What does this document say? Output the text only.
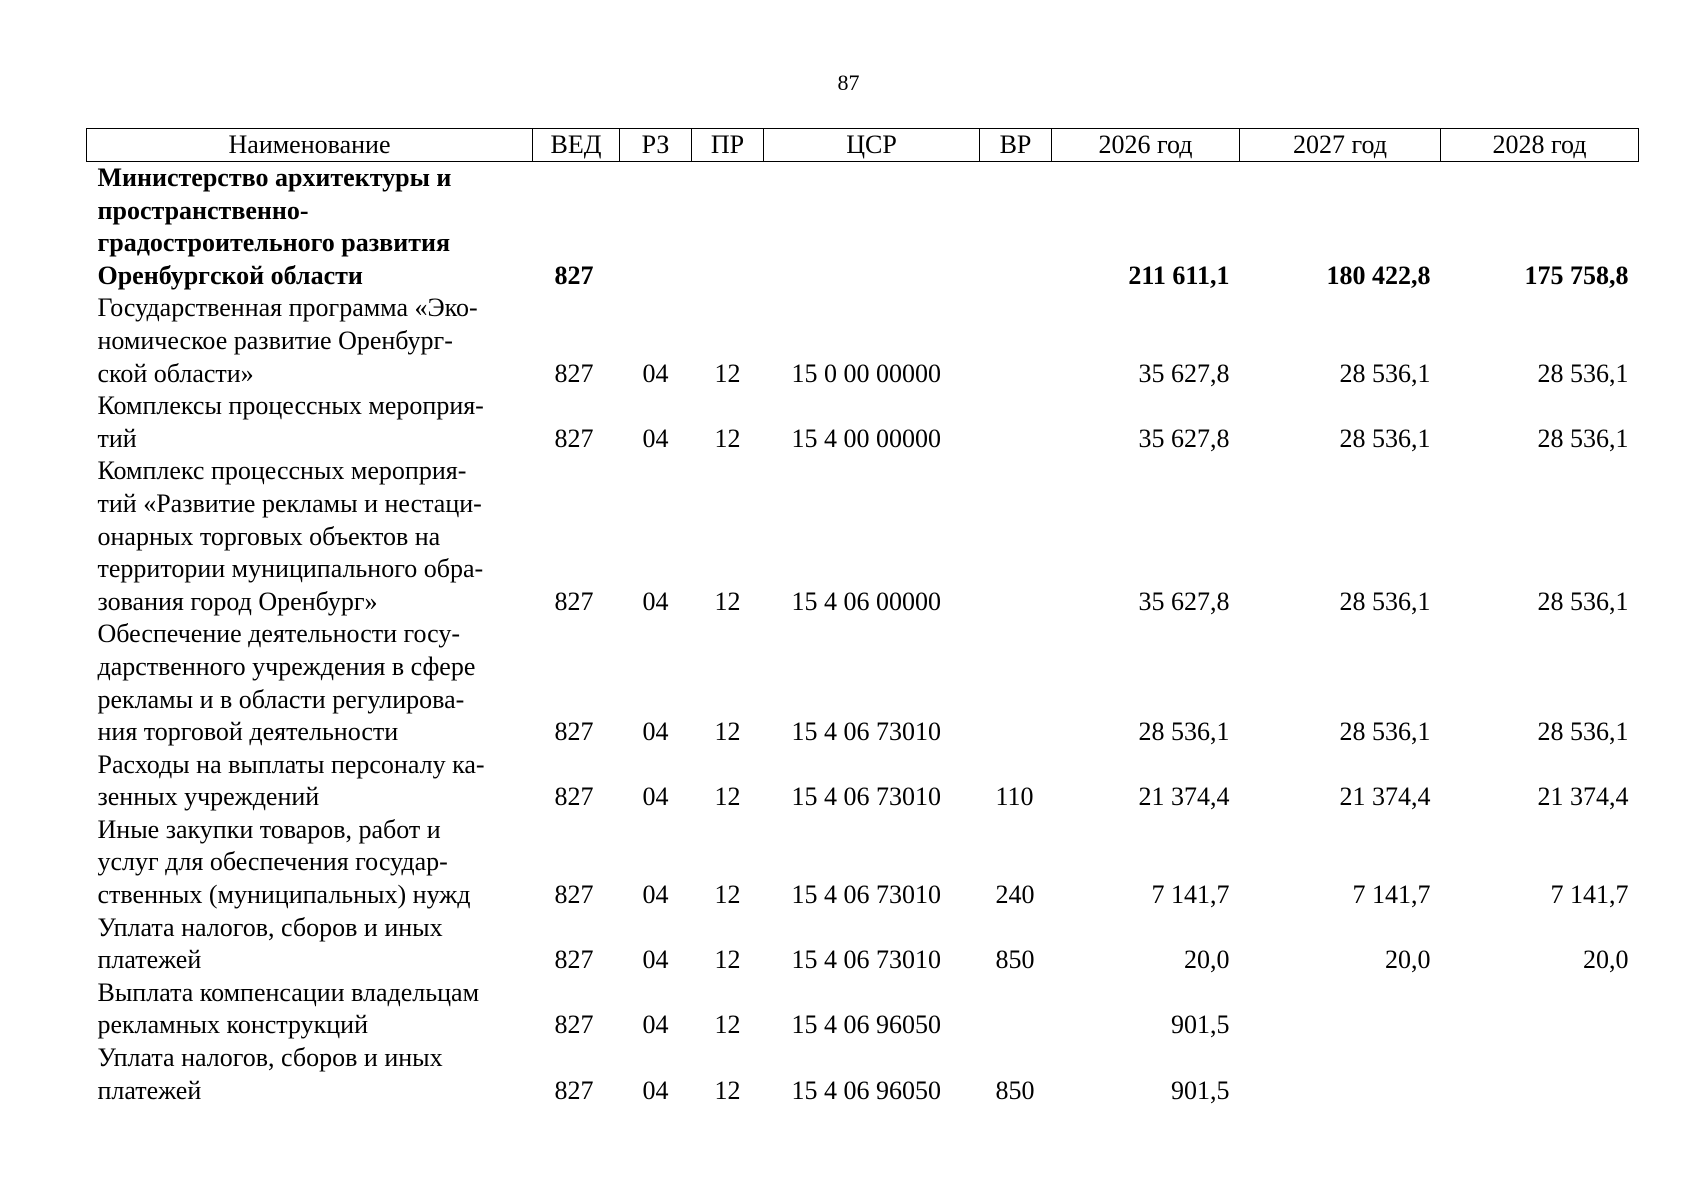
87
Наименование	ВЕД	РЗ	ПР	ЦСР	ВР	2026 год	2027 год	2028 год

Министерство архитектуры и
пространственно-
градостроительного развития
Оренбургской области	827					211 611,1	180 422,8	175 758,8

Государственная программа «Эко-
номическое развитие Оренбург-
ской области»	827	04	12	15 0 00 00000		35 627,8	28 536,1	28 536,1

Комплексы процессных мероприя-
тий	827	04	12	15 4 00 00000		35 627,8	28 536,1	28 536,1

Комплекс процессных мероприя-
тий «Развитие рекламы и нестаци-
онарных торговых объектов на
территории муниципального обра-
зования город Оренбург»	827	04	12	15 4 06 00000		35 627,8	28 536,1	28 536,1

Обеспечение деятельности госу-
дарственного учреждения в сфере
рекламы и в области регулирова-
ния торговой деятельности	827	04	12	15 4 06 73010		28 536,1	28 536,1	28 536,1

Расходы на выплаты персоналу ка-
зенных учреждений	827	04	12	15 4 06 73010	110	21 374,4	21 374,4	21 374,4

Иные закупки товаров, работ и
услуг для обеспечения государ-
ственных (муниципальных) нужд	827	04	12	15 4 06 73010	240	7 141,7	7 141,7	7 141,7

Уплата налогов, сборов и иных
платежей	827	04	12	15 4 06 73010	850	20,0	20,0	20,0

Выплата компенсации владельцам
рекламных конструкций	827	04	12	15 4 06 96050		901,5		

Уплата налогов, сборов и иных
платежей	827	04	12	15 4 06 96050	850	901,5		
